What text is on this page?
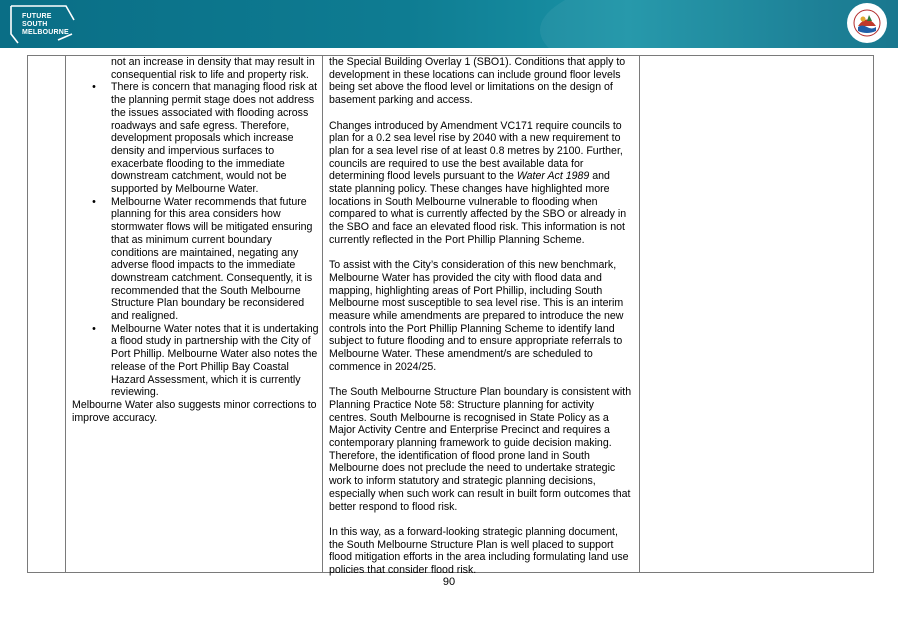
FUTURE
SOUTH
MELBOURNE
not an increase in density that may result in consequential risk to life and property risk.
• There is concern that managing flood risk at the planning permit stage does not address the issues associated with flooding across roadways and safe egress. Therefore, development proposals which increase density and impervious surfaces to exacerbate flooding to the immediate downstream catchment, would not be supported by Melbourne Water.
• Melbourne Water recommends that future planning for this area considers how stormwater flows will be mitigated ensuring that as minimum current boundary conditions are maintained, negating any adverse flood impacts to the immediate downstream catchment. Consequently, it is recommended that the South Melbourne Structure Plan boundary be reconsidered and realigned.
• Melbourne Water notes that it is undertaking a flood study in partnership with the City of Port Phillip. Melbourne Water also notes the release of the Port Phillip Bay Coastal Hazard Assessment, which it is currently reviewing.
Melbourne Water also suggests minor corrections to improve accuracy.

the Special Building Overlay 1 (SBO1). Conditions that apply to development in these locations can include ground floor levels being set above the flood level or limitations on the design of basement parking and access.

Changes introduced by Amendment VC171 require councils to plan for a 0.2 sea level rise by 2040 with a new requirement to plan for a sea level rise of at least 0.8 metres by 2100. Further, councils are required to use the best available data for determining flood levels pursuant to the Water Act 1989 and state planning policy. These changes have highlighted more locations in South Melbourne vulnerable to flooding when compared to what is currently affected by the SBO or already in the SBO and face an elevated flood risk. This information is not currently reflected in the Port Phillip Planning Scheme.

To assist with the City’s consideration of this new benchmark, Melbourne Water has provided the city with flood data and mapping, highlighting areas of Port Phillip, including South Melbourne most susceptible to sea level rise. This is an interim measure while amendments are prepared to introduce the new controls into the Port Phillip Planning Scheme to identify land subject to future flooding and to ensure appropriate referrals to Melbourne Water. These amendment/s are scheduled to commence in 2024/25.

The South Melbourne Structure Plan boundary is consistent with Planning Practice Note 58: Structure planning for activity centres. South Melbourne is recognised in State Policy as a Major Activity Centre and Enterprise Precinct and requires a contemporary planning framework to guide decision making. Therefore, the identification of flood prone land in South Melbourne does not preclude the need to undertake strategic work to inform statutory and strategic planning decisions, especially when such work can result in built form outcomes that better respond to flood risk.

In this way, as a forward-looking strategic planning document, the South Melbourne Structure Plan is well placed to support flood mitigation efforts in the area including formulating land use policies that consider flood risk.

90
